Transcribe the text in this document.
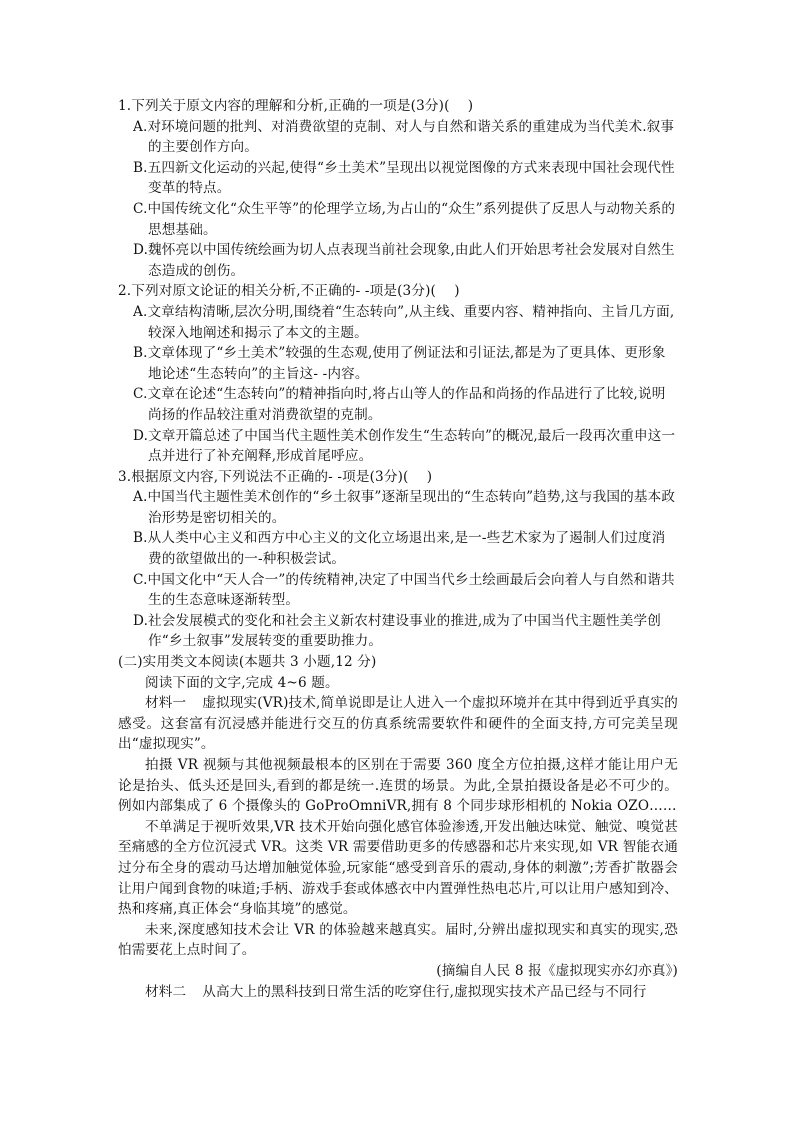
1.下列关于原文内容的理解和分析,正确的一项是(3分)(　 )

A.对环境问题的批判、对消费欲望的克制、对人与自然和谐关系的重建成为当代美术.叙事的主要创作方向。

B.五四新文化运动的兴起,使得“乡土美术”呈现出以视觉图像的方式来表现中国社会现代性变革的特点。

C.中国传统文化“众生平等”的伦理学立场,为占山的“众生”系列提供了反思人与动物关系的思想基础。

D.魏怀亮以中国传统绘画为切人点表现当前社会现象,由此人们开始思考社会发展对自然生态造成的创伤。

2.下列对原文论证的相关分析,不正确的- -项是(3分)(　 )

A.文章结构清晰,层次分明,围绕着“生态转向”,从主线、重要内容、精神指向、主旨几方面,较深入地阐述和揭示了本文的主题。

B.文章体现了“乡土美术”较强的生态观,使用了例证法和引证法,都是为了更具体、更形象地论述“生态转向”的主旨这- -内容。

C.文章在论述“生态转向”的精神指向时,将占山等人的作品和尚扬的作品进行了比较,说明尚扬的作品较注重对消费欲望的克制。

D.文章开篇总述了中国当代主题性美术创作发生“生态转向”的概况,最后一段再次重申这一点并进行了补充阐释,形成首尾呼应。

3.根据原文内容,下列说法不正确的- -项是(3分)(　 )

A.中国当代主题性美术创作的“乡土叙事”逐渐呈现出的“生态转向”趋势,这与我国的基本政治形势是密切相关的。

B.从人类中心主义和西方中心主义的文化立场退出来,是一-些艺术家为了遏制人们过度消费的欲望做出的一-种积极尝试。

C.中国文化中“天人合一”的传统精神,决定了中国当代乡土绘画最后会向着人与自然和谐共生的生态意味逐渐转型。

D.社会发展模式的变化和社会主义新农村建设事业的推进,成为了中国当代主题性美学创作“乡土叙事”发展转变的重要助推力。

(二)实用类文本阅读(本题共 3 小题,12 分)

阅读下面的文字,完成 4~6 题。

材料一 虚拟现实(VR)技术,简单说即是让人进入一个虚拟环境并在其中得到近乎真实的感受。这套富有沉浸感并能进行交互的仿真系统需要软件和硬件的全面支持,方可完美呈现出“虚拟现实”。

拍摄 VR 视频与其他视频最根本的区别在于需要 360 度全方位拍摄,这样才能让用户无论是抬头、低头还是回头,看到的都是统一.连贯的场景。为此,全景拍摄设备是必不可少的。例如内部集成了 6 个摄像头的 GoProOmniVR,拥有 8 个同步球形相机的 Nokia OZO……

不单满足于视听效果,VR 技术开始向强化感官体验渗透,开发出触达味觉、触觉、嗅觉甚至痛感的全方位沉浸式 VR。这类 VR 需要借助更多的传感器和芯片来实现,如 VR 智能衣通过分布全身的震动马达增加触觉体验,玩家能“感受到音乐的震动,身体的刺激”;芳香扩散器会让用户闻到食物的味道;手柄、游戏手套或体感衣中内置弹性热电芯片,可以让用户感知到冷、热和疼痛,真正体会“身临其境”的感觉。

未来,深度感知技术会让 VR 的体验越来越真实。届时,分辨出虚拟现实和真实的现实,恐怕需要花上点时间了。

(摘编自人民 8 报《虚拟现实亦幻亦真》)

材料二 从高大上的黑科技到日常生活的吃穿住行,虚拟现实技术产品已经与不同行
